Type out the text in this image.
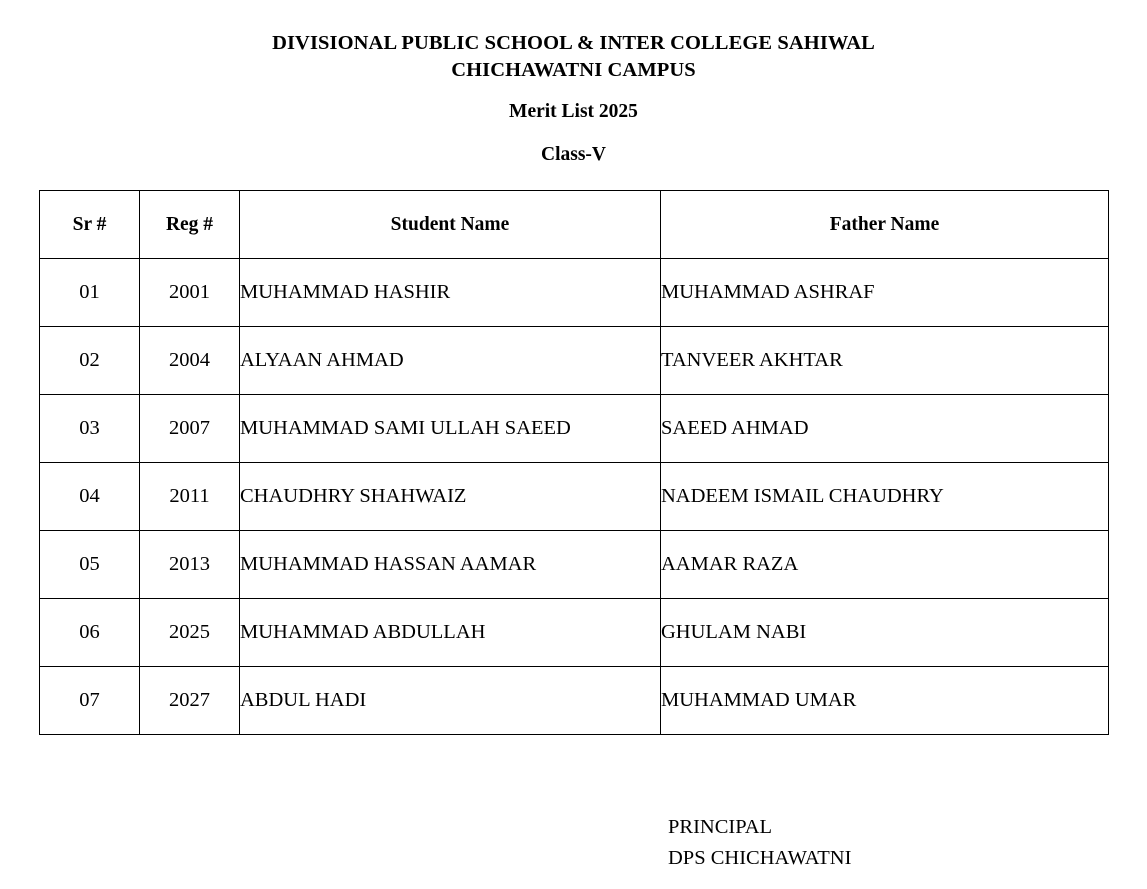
DIVISIONAL PUBLIC SCHOOL & INTER COLLEGE SAHIWAL
CHICHAWATNI CAMPUS
Merit List 2025
Class-V
Sr #	Reg #	Student Name	Father Name
01	2001	MUHAMMAD HASHIR	MUHAMMAD ASHRAF
02	2004	ALYAAN AHMAD	TANVEER AKHTAR
03	2007	MUHAMMAD SAMI ULLAH SAEED	SAEED AHMAD
04	2011	CHAUDHRY SHAHWAIZ	NADEEM ISMAIL CHAUDHRY
05	2013	MUHAMMAD HASSAN AAMAR	AAMAR RAZA
06	2025	MUHAMMAD ABDULLAH	GHULAM NABI
07	2027	ABDUL HADI	MUHAMMAD UMAR
PRINCIPAL
DPS CHICHAWATNI
